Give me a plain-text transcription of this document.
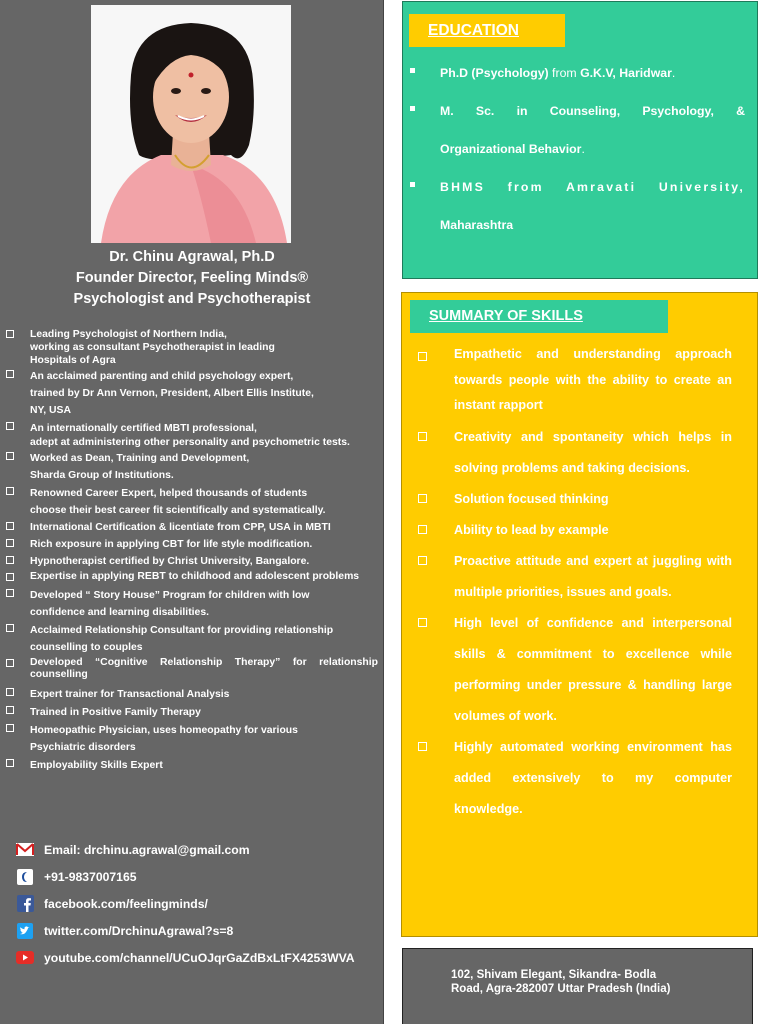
Dr. Chinu Agrawal, Ph.D
Founder Director, Feeling Minds®
Psychologist and Psychotherapist
Leading Psychologist of Northern India,
working as consultant Psychotherapist in leading
Hospitals of Agra
An acclaimed parenting and child psychology expert,
trained by Dr Ann Vernon, President, Albert Ellis Institute,
NY, USA
An internationally certified MBTI professional,
adept at administering other personality and psychometric tests.
Worked as Dean, Training and Development,
Sharda Group of Institutions.
Renowned Career Expert, helped thousands of students
choose their best career fit scientifically and systematically.
International Certification & licentiate from CPP, USA in MBTI
Rich exposure in applying CBT for life style modification.
Hypnotherapist certified by Christ University, Bangalore.
Expertise in applying REBT to childhood and adolescent problems
Developed “ Story House” Program for children with low
confidence and learning disabilities.
Acclaimed Relationship Consultant for providing relationship
counselling to couples
Developed “Cognitive Relationship Therapy” for relationship counselling
Expert trainer for Transactional Analysis
Trained in Positive Family Therapy
Homeopathic Physician, uses homeopathy for various
Psychiatric disorders
Employability Skills Expert
Email: drchinu.agrawal@gmail.com
+91-9837007165
facebook.com/feelingminds/
twitter.com/DrchinuAgrawal?s=8
youtube.com/channel/UCuOJqrGaZdBxLtFX4253WVA
EDUCATION
Ph.D (Psychology) from G.K.V, Haridwar.
M. Sc. in Counseling, Psychology, &
Organizational Behavior.
BHMS from Amravati University,
Maharashtra
SUMMARY OF SKILLS
Empathetic and understanding approach towards people with the ability to create an instant rapport
Creativity and spontaneity which helps in solving problems and taking decisions.
Solution focused thinking
Ability to lead by example
Proactive attitude and expert at juggling with multiple priorities, issues and goals.
High level of confidence and interpersonal skills & commitment to excellence while performing under pressure & handling large volumes of work.
Highly automated working environment has added extensively to my computer knowledge.
102, Shivam Elegant, Sikandra- Bodla
Road, Agra-282007 Uttar Pradesh (India)
